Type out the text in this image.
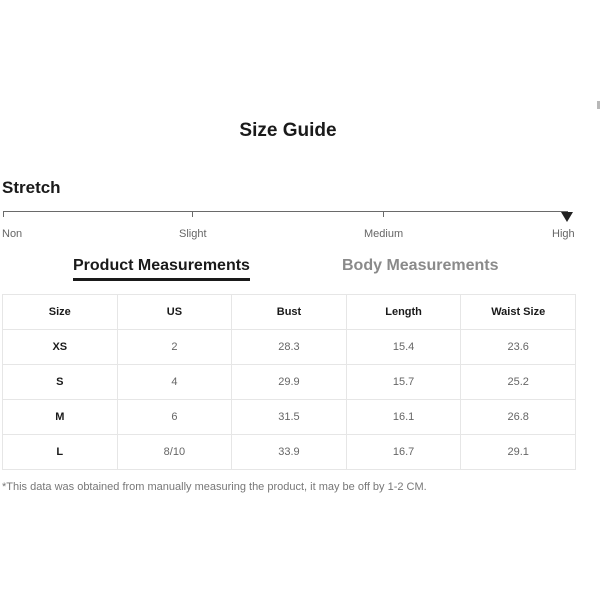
Size Guide
Stretch
Non	Slight	Medium	High
Product Measurements	Body Measurements
Size	US	Bust	Length	Waist Size
XS	2	28.3	15.4	23.6
S	4	29.9	15.7	25.2
M	6	31.5	16.1	26.8
L	8/10	33.9	16.7	29.1
*This data was obtained from manually measuring the product, it may be off by 1-2 CM.
